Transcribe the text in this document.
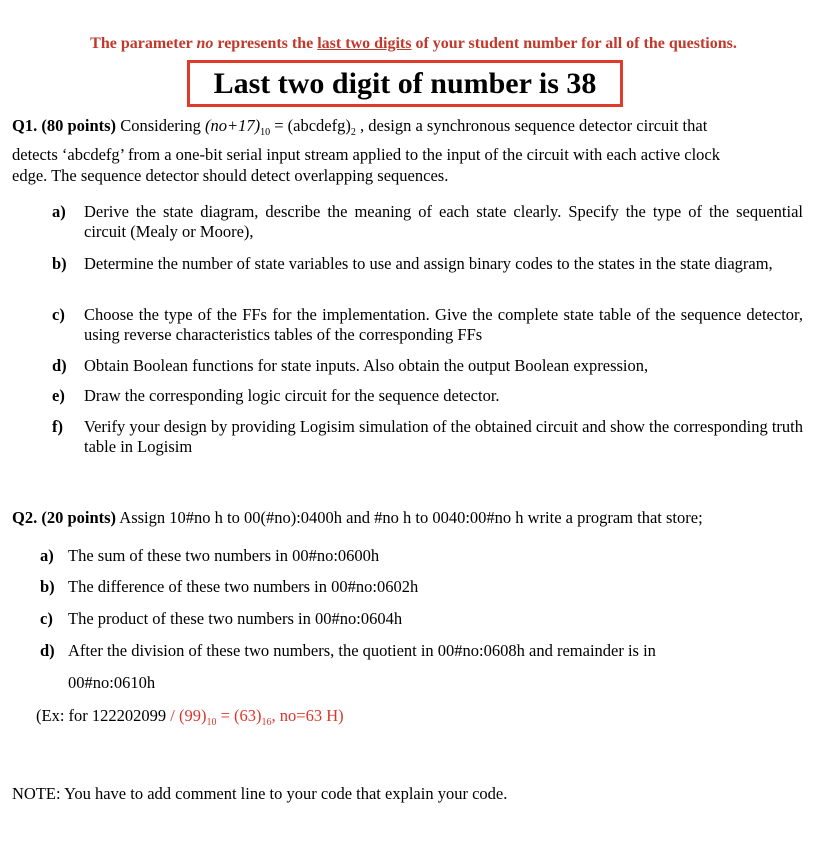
The parameter no represents the last two digits of your student number for all of the questions.
Last two digit of number is 38
Q1. (80 points) Considering $(no+17)_{10}$ = $(abcdefg)_2$ , design a synchronous sequence detector circuit that
detects ‘abcdefg’ from a one-bit serial input stream applied to the input of the circuit with each active clock
edge. The sequence detector should detect overlapping sequences.
a) Derive the state diagram, describe the meaning of each state clearly. Specify the type of the sequential circuit (Mealy or Moore),
b) Determine the number of state variables to use and assign binary codes to the states in the state diagram,
c) Choose the type of the FFs for the implementation. Give the complete state table of the sequence detector, using reverse characteristics tables of the corresponding FFs
d) Obtain Boolean functions for state inputs. Also obtain the output Boolean expression,
e) Draw the corresponding logic circuit for the sequence detector.
f) Verify your design by providing Logisim simulation of the obtained circuit and show the corresponding truth table in Logisim
Q2. (20 points) Assign 10#no h to 00(#no):0400h and #no h to 0040:00#no h write a program that store;
a) The sum of these two numbers in 00#no:0600h
b) The difference of these two numbers in 00#no:0602h
c) The product of these two numbers in 00#no:0604h
d) After the division of these two numbers, the quotient in 00#no:0608h and remainder is in
00#no:0610h
(Ex: for $122202099 / (99)_{10} = (63)_{16}$, no=63 H)
NOTE: You have to add comment line to your code that explain your code.
